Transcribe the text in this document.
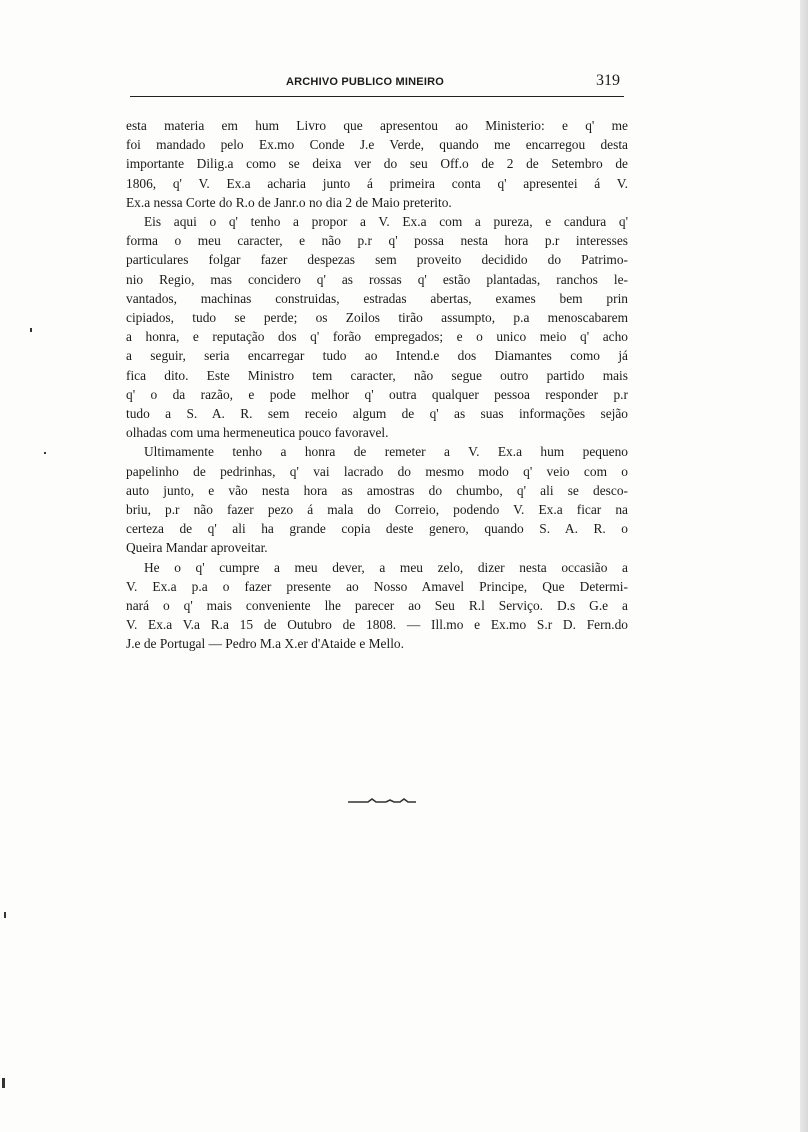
ARCHIVO PUBLICO MINEIRO	319

esta materia em hum Livro que apresentou ao Ministerio: e q' me
foi mandado pelo Ex.mo Conde J.e Verde, quando me encarregou desta
importante Dilig.a como se deixa ver do seu Off.o de 2 de Setembro de
1806, q' V. Ex.a acharia junto á primeira conta q' apresentei á V.
Ex.a nessa Corte do R.o de Janr.o no dia 2 de Maio preterito.

Eis aqui o q' tenho a propor a V. Ex.a com a pureza, e candura q'
forma o meu caracter, e não p.r q' possa nesta hora p.r interesses
particulares folgar fazer despezas sem proveito decidido do Patrimo-
nio Regio, mas concidero q' as rossas q' estão plantadas, ranchos le-
vantados, machinas construidas, estradas abertas, exames bem prin
cipiados, tudo se perde; os Zoilos tirão assumpto, p.a menoscabarem
a honra, e reputação dos q' forão empregados; e o unico meio q' acho
a seguir, seria encarregar tudo ao Intend.e dos Diamantes como já
fica dito. Este Ministro tem caracter, não segue outro partido mais
q' o da razão, e pode melhor q' outra qualquer pessoa responder p.r
tudo a S. A. R. sem receio algum de q' as suas informações sejão
olhadas com uma hermeneutica pouco favoravel.

Ultimamente tenho a honra de remeter a V. Ex.a hum pequeno
papelinho de pedrinhas, q' vai lacrado do mesmo modo q' veio com o
auto junto, e vão nesta hora as amostras do chumbo, q' ali se desco-
briu, p.r não fazer pezo á mala do Correio, podendo V. Ex.a ficar na
certeza de q' ali ha grande copia deste genero, quando S. A. R. o
Queira Mandar aproveitar.

He o q' cumpre a meu dever, a meu zelo, dizer nesta occasião a
V. Ex.a p.a o fazer presente ao Nosso Amavel Principe, Que Determi-
nará o q' mais conveniente lhe parecer ao Seu R.l Serviço. D.s G.e a
V. Ex.a V.a R.a 15 de Outubro de 1808. — Ill.mo e Ex.mo S.r D. Fern.do
J.e de Portugal — Pedro M.a X.er d'Ataide e Mello.
